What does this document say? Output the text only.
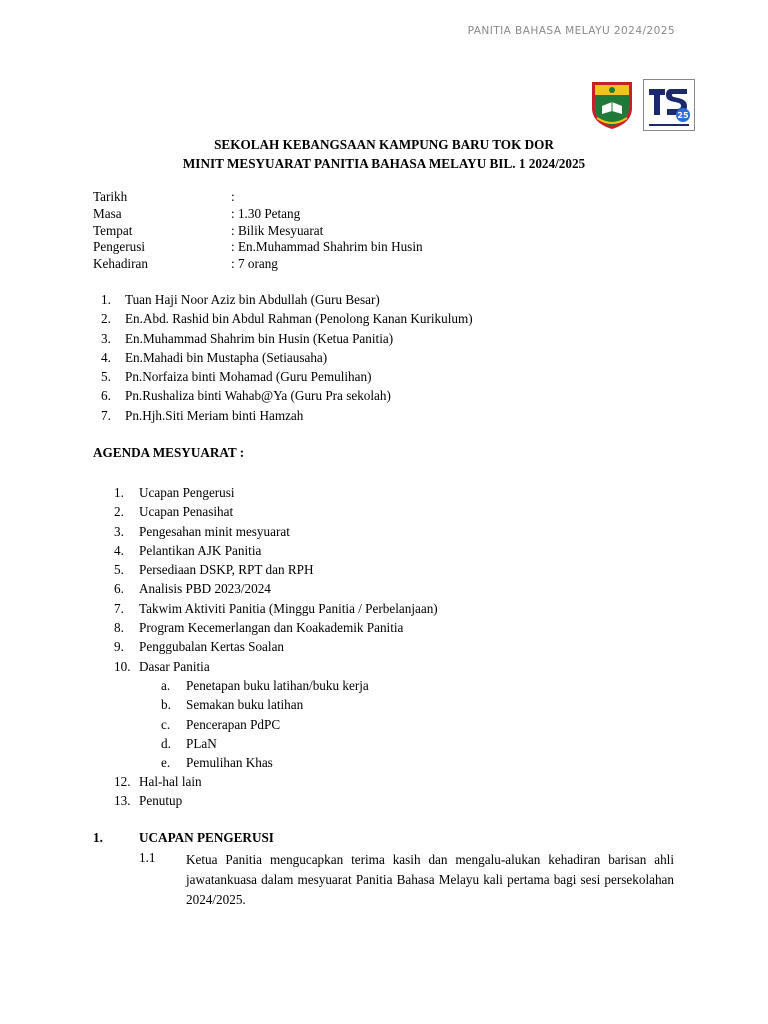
PANITIA BAHASA MELAYU 2024/2025
25
SEKOLAH KEBANGSAAN KAMPUNG BARU TOK DOR
MINIT MESYUARAT PANITIA BAHASA MELAYU BIL. 1 2024/2025
Tarikh	:
Masa	: 1.30 Petang
Tempat	: Bilik Mesyuarat
Pengerusi	: En.Muhammad Shahrim bin Husin
Kehadiran	: 7 orang
1.	Tuan Haji Noor Aziz bin Abdullah (Guru Besar)
2.	En.Abd. Rashid bin Abdul Rahman (Penolong Kanan Kurikulum)
3.	En.Muhammad Shahrim bin Husin (Ketua Panitia)
4.	En.Mahadi bin Mustapha (Setiausaha)
5.	Pn.Norfaiza binti Mohamad (Guru Pemulihan)
6.	Pn.Rushaliza binti Wahab@Ya (Guru Pra sekolah)
7.	Pn.Hjh.Siti Meriam binti Hamzah
AGENDA MESYUARAT :
1.	Ucapan Pengerusi
2.	Ucapan Penasihat
3.	Pengesahan minit mesyuarat
4.	Pelantikan AJK Panitia
5.	Persediaan DSKP, RPT dan RPH
6.	Analisis PBD 2023/2024
7.	Takwim Aktiviti Panitia (Minggu Panitia / Perbelanjaan)
8.	Program Kecemerlangan dan Koakademik Panitia
9.	Penggubalan Kertas Soalan
10. Dasar Panitia
a.	Penetapan buku latihan/buku kerja
b.	Semakan buku latihan
c.	Pencerapan PdPC
d.	PLaN
e.	Pemulihan Khas
12. Hal-hal lain
13. Penutup
1.	UCAPAN PENGERUSI
1.1 Ketua Panitia mengucapkan terima kasih dan mengalu-alukan kehadiran barisan ahli jawatankuasa dalam mesyuarat Panitia Bahasa Melayu kali pertama bagi sesi persekolahan 2024/2025.
